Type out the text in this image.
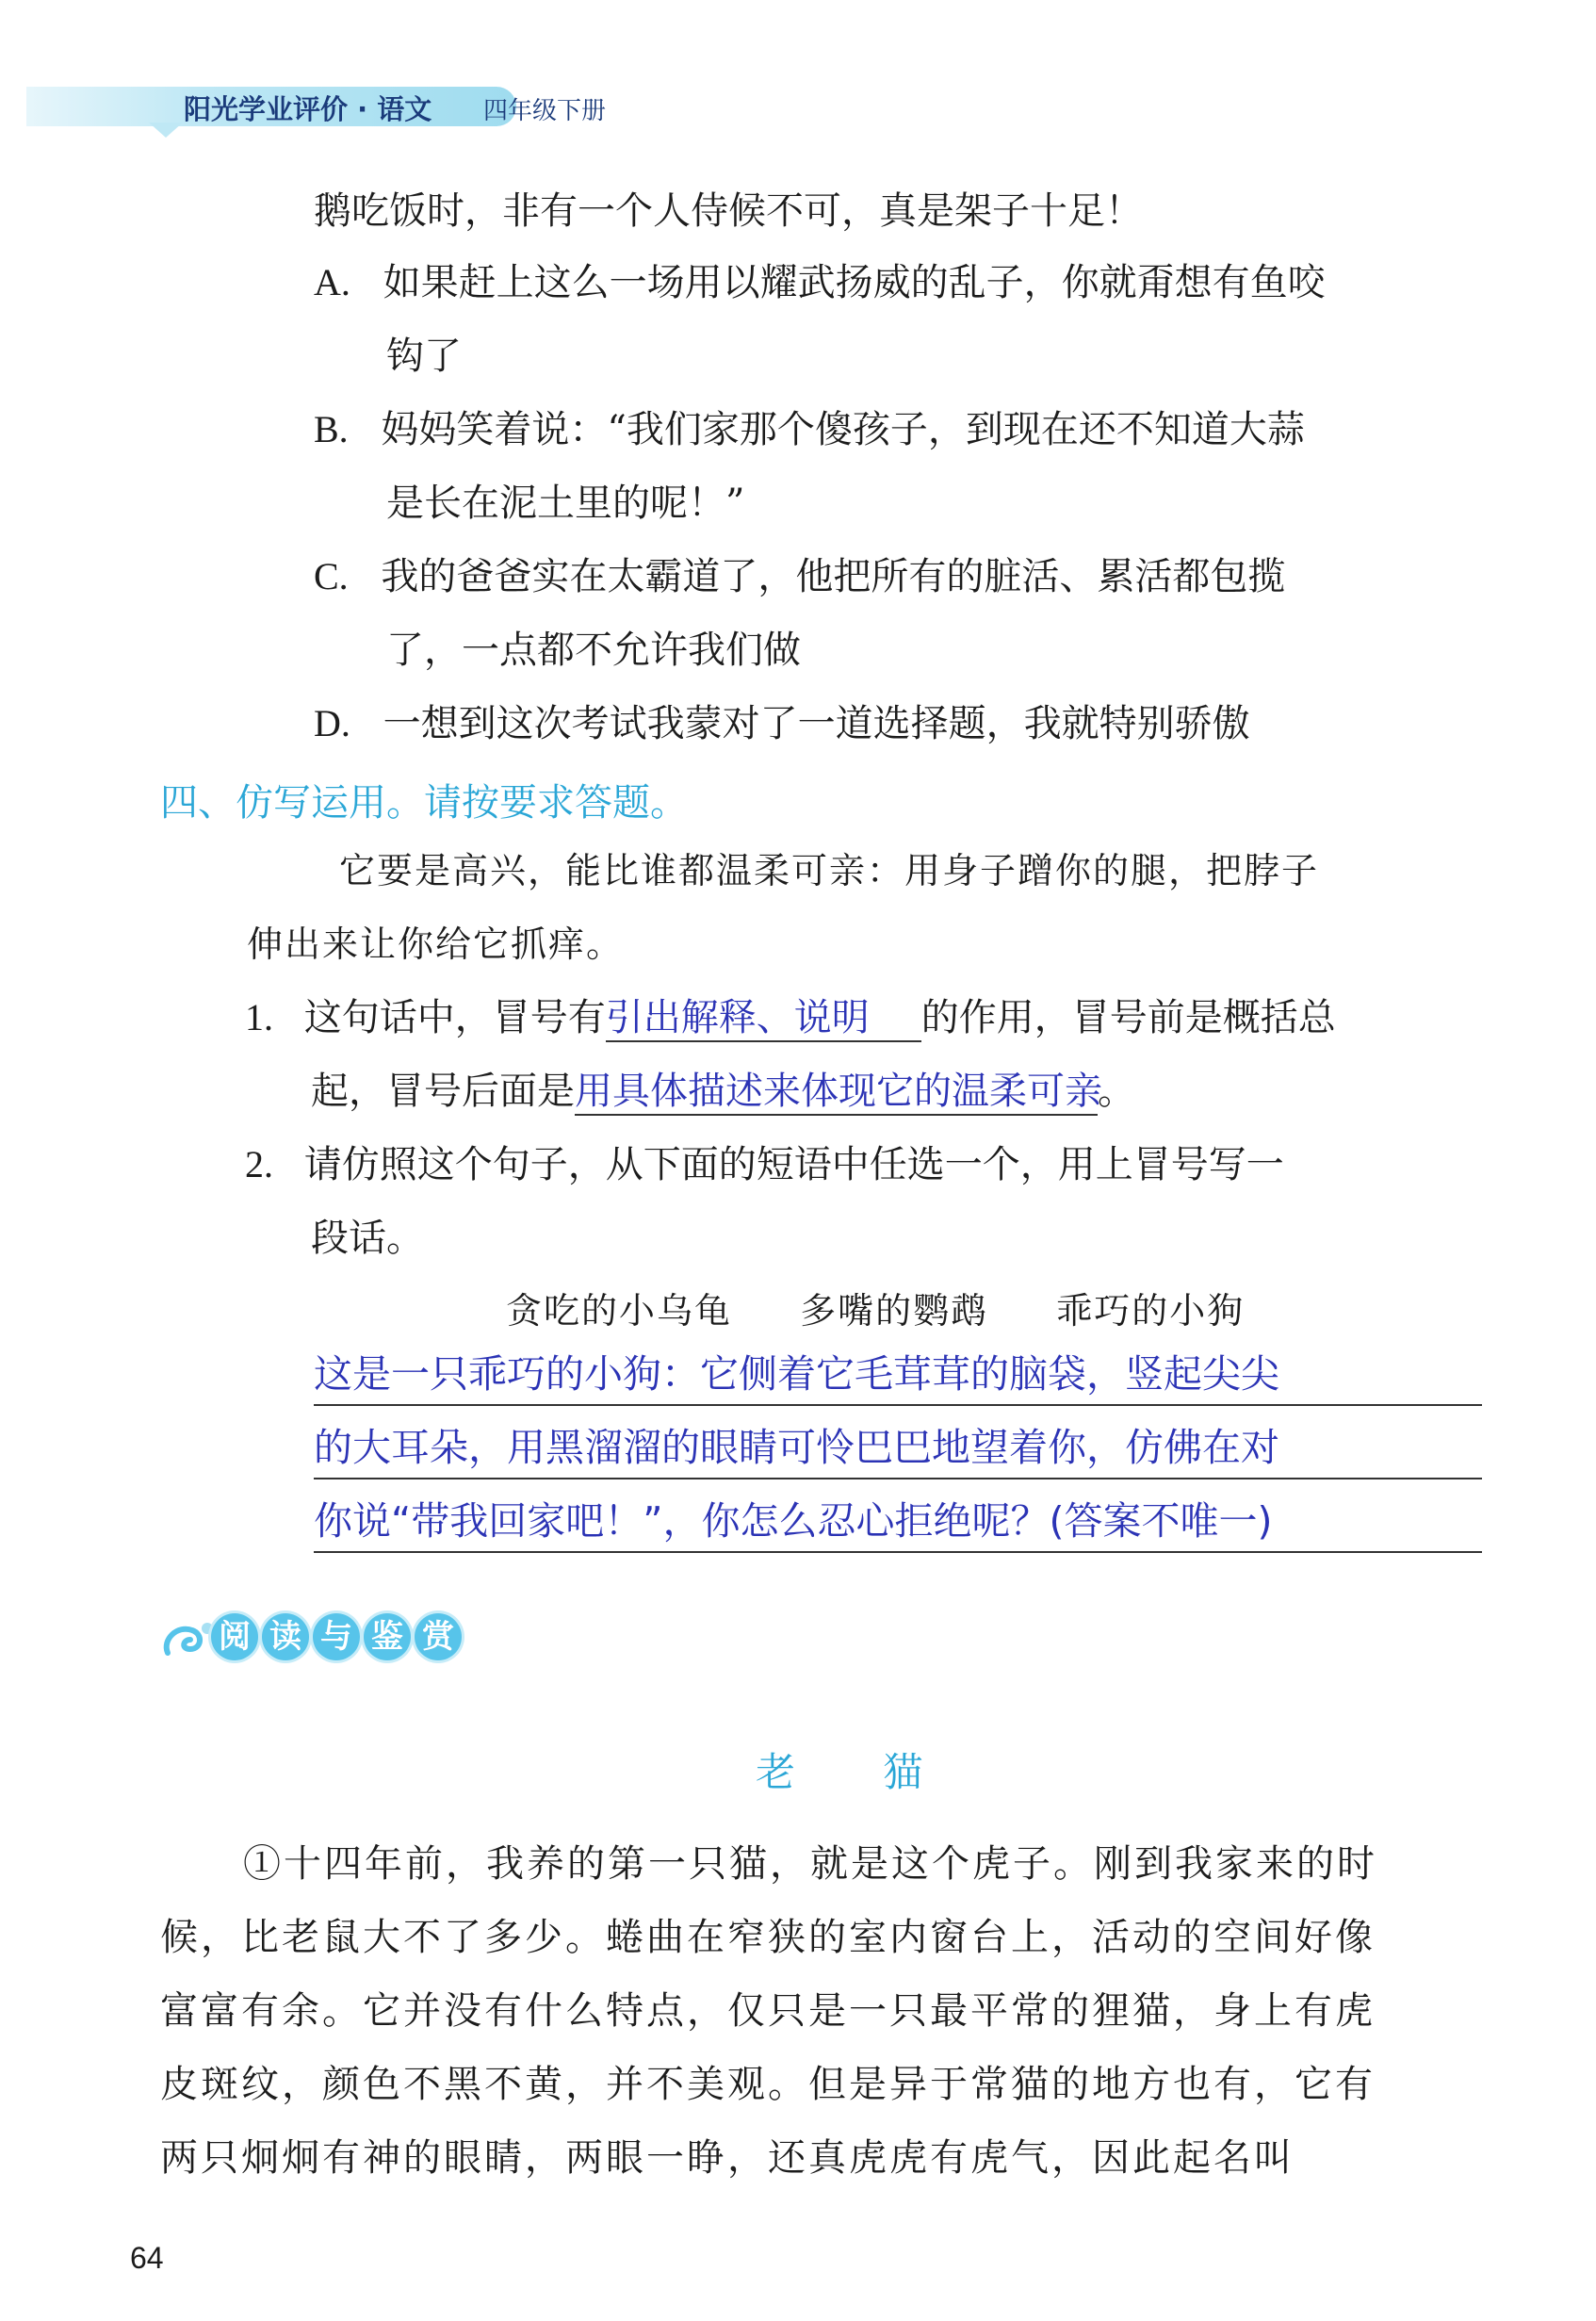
阳光学业评价 · 语文 四年级下册
鹅吃饭时，非有一个人侍候不可，真是架子十足！
A. 如果赶上这么一场用以耀武扬威的乱子，你就甭想有鱼咬
钩了
B. 妈妈笑着说：“我们家那个傻孩子，到现在还不知道大蒜
是长在泥土里的呢！”
C. 我的爸爸实在太霸道了，他把所有的脏活、累活都包揽
了，一点都不允许我们做
D. 一想到这次考试我蒙对了一道选择题，我就特别骄傲
四、仿写运用。请按要求答题。
它要是高兴，能比谁都温柔可亲：用身子蹭你的腿，把脖子
伸出来让你给它抓痒。
1. 这句话中，冒号有引出解释、说明 的作用，冒号前是概括总
起，冒号后面是用具体描述来体现它的温柔可亲。
2. 请仿照这个句子，从下面的短语中任选一个，用上冒号写一
段话。
贪吃的小乌龟 多嘴的鹦鹉 乖巧的小狗
这是一只乖巧的小狗：它侧着它毛茸茸的脑袋，竖起尖尖
的大耳朵，用黑溜溜的眼睛可怜巴巴地望着你，仿佛在对
你说“带我回家吧！”，你怎么忍心拒绝呢？(答案不唯一)
阅 读 与 鉴 赏
老 猫
①十四年前，我养的第一只猫，就是这个虎子。刚到我家来的时
候，比老鼠大不了多少。蜷曲在窄狭的室内窗台上，活动的空间好像
富富有余。它并没有什么特点，仅只是一只最平常的狸猫，身上有虎
皮斑纹，颜色不黑不黄，并不美观。但是异于常猫的地方也有，它有
两只炯炯有神的眼睛，两眼一睁，还真虎虎有虎气，因此起名叫
64
